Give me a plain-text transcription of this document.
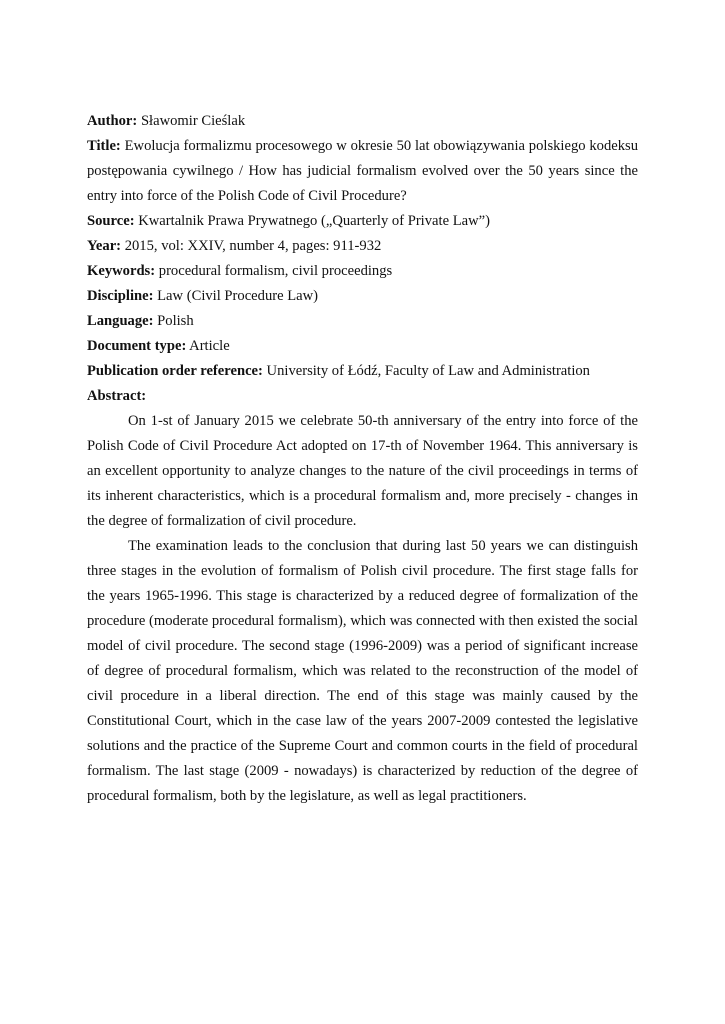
Author: Sławomir Cieślak

Title: Ewolucja formalizmu procesowego w okresie 50 lat obowiązywania polskiego kodeksu postępowania cywilnego / How has judicial formalism evolved over the 50 years since the entry into force of the Polish Code of Civil Procedure?

Source: Kwartalnik Prawa Prywatnego („Quarterly of Private Law”)

Year: 2015, vol: XXIV, number 4, pages: 911-932

Keywords: procedural formalism, civil proceedings

Discipline: Law (Civil Procedure Law)

Language: Polish

Document type: Article

Publication order reference: University of Łódź, Faculty of Law and Administration

Abstract:

On 1-st of January 2015 we celebrate 50-th anniversary of the entry into force of the Polish Code of Civil Procedure Act adopted on 17-th of November 1964. This anniversary is an excellent opportunity to analyze changes to the nature of the civil proceedings in terms of its inherent characteristics, which is a procedural formalism and, more precisely - changes in the degree of formalization of civil procedure.

The examination leads to the conclusion that during last 50 years we can distinguish three stages in the evolution of formalism of Polish civil procedure. The first stage falls for the years 1965-1996. This stage is characterized by a reduced degree of formalization of the procedure (moderate procedural formalism), which was connected with then existed the social model of civil procedure. The second stage (1996-2009) was a period of significant increase of degree of procedural formalism, which was related to the reconstruction of the model of civil procedure in a liberal direction. The end of this stage was mainly caused by the Constitutional Court, which in the case law of the years 2007-2009 contested the legislative solutions and the practice of the Supreme Court and common courts in the field of procedural formalism. The last stage (2009 - nowadays) is characterized by reduction of the degree of procedural formalism, both by the legislature, as well as legal practitioners.
